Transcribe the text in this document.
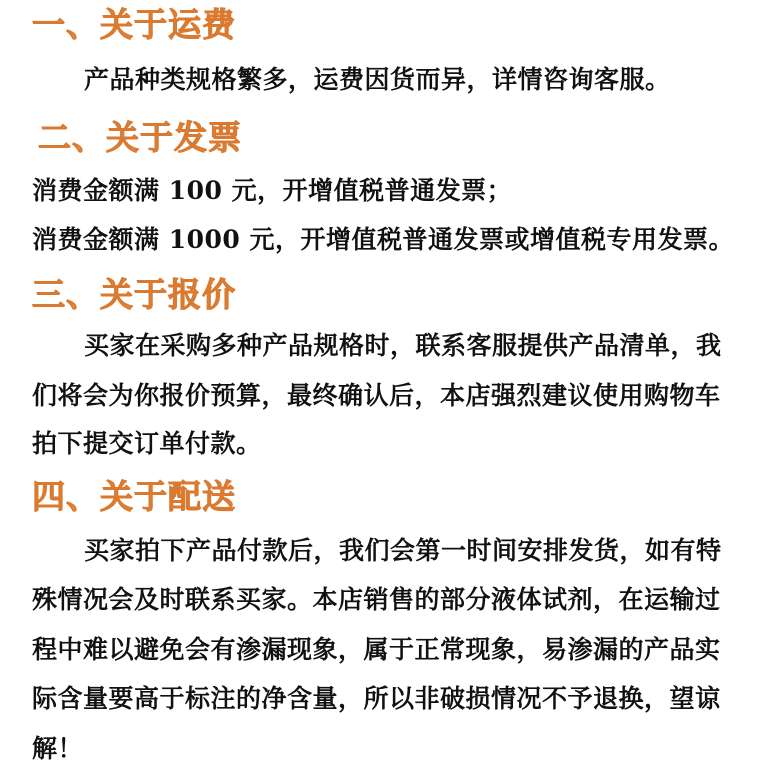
一、关于运费
产品种类规格繁多，运费因货而异，详情咨询客服。
二、关于发票
消费金额满 100 元，开增值税普通发票；
消费金额满 1000 元，开增值税普通发票或增值税专用发票。
三、关于报价
买家在采购多种产品规格时，联系客服提供产品清单，我
们将会为你报价预算，最终确认后，本店强烈建议使用购物车
拍下提交订单付款。
四、关于配送
买家拍下产品付款后，我们会第一时间安排发货，如有特
殊情况会及时联系买家。本店销售的部分液体试剂，在运输过
程中难以避免会有渗漏现象，属于正常现象，易渗漏的产品实
际含量要高于标注的净含量，所以非破损情况不予退换，望谅
解！
